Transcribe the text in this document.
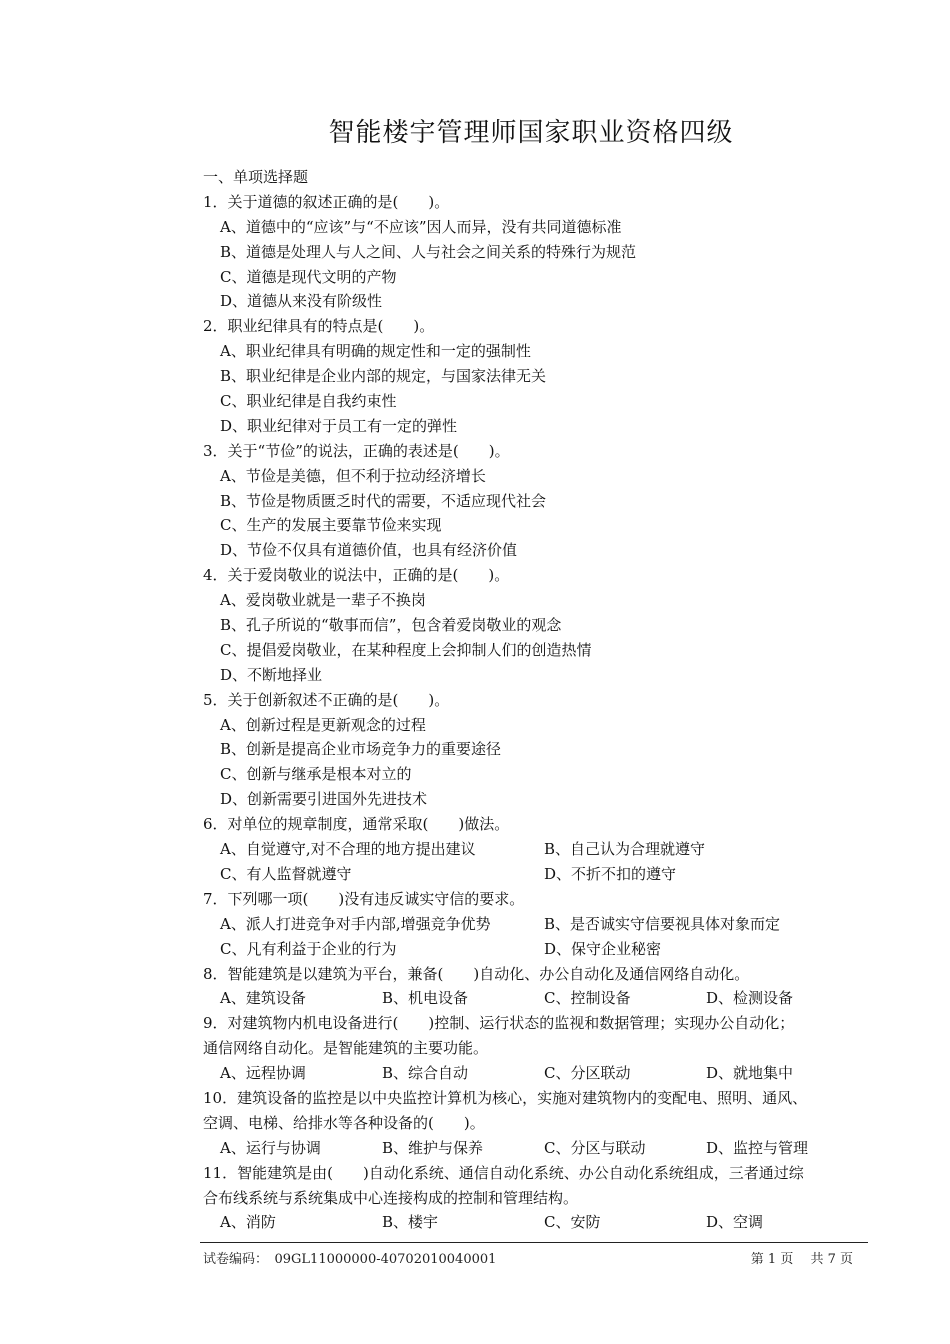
智能楼宇管理师国家职业资格四级
一、单项选择题
1．关于道德的叙述正确的是(　　)。
A、道德中的“应该”与“不应该”因人而异，没有共同道德标准
B、道德是处理人与人之间、人与社会之间关系的特殊行为规范
C、道德是现代文明的产物
D、道德从来没有阶级性
2．职业纪律具有的特点是(　　)。
A、职业纪律具有明确的规定性和一定的强制性
B、职业纪律是企业内部的规定，与国家法律无关
C、职业纪律是自我约束性
D、职业纪律对于员工有一定的弹性
3．关于“节俭”的说法，正确的表述是(　　)。
A、节俭是美德，但不利于拉动经济增长
B、节俭是物质匮乏时代的需要，不适应现代社会
C、生产的发展主要靠节俭来实现
D、节俭不仅具有道德价值，也具有经济价值
4．关于爱岗敬业的说法中，正确的是(　　)。
A、爱岗敬业就是一辈子不换岗
B、孔子所说的“敬事而信”，包含着爱岗敬业的观念
C、提倡爱岗敬业，在某种程度上会抑制人们的创造热情
D、不断地择业
5．关于创新叙述不正确的是(　　)。
A、创新过程是更新观念的过程
B、创新是提高企业市场竞争力的重要途径
C、创新与继承是根本对立的
D、创新需要引进国外先进技术
6．对单位的规章制度，通常采取(　　)做法。
A、自觉遵守,对不合理的地方提出建议	B、自己认为合理就遵守
C、有人监督就遵守	D、不折不扣的遵守
7．下列哪一项(　　)没有违反诚实守信的要求。
A、派人打进竞争对手内部,增强竞争优势	B、是否诚实守信要视具体对象而定
C、凡有利益于企业的行为	D、保守企业秘密
8．智能建筑是以建筑为平台，兼备(　　)自动化、办公自动化及通信网络自动化。
A、建筑设备	B、机电设备	C、控制设备	D、检测设备
9．对建筑物内机电设备进行(　　)控制、运行状态的监视和数据管理；实现办公自动化；
通信网络自动化。是智能建筑的主要功能。
A、远程协调	B、综合自动	C、分区联动	D、就地集中
10．建筑设备的监控是以中央监控计算机为核心，实施对建筑物内的变配电、照明、通风、
空调、电梯、给排水等各种设备的(　　)。
A、运行与协调	B、维护与保养	C、分区与联动	D、监控与管理
11．智能建筑是由(　　)自动化系统、通信自动化系统、办公自动化系统组成，三者通过综
合布线系统与系统集成中心连接构成的控制和管理结构。
A、消防	B、楼宇	C、安防	D、空调
试卷编码：　09GL11000000-40702010040001	第 1 页　 共 7 页
